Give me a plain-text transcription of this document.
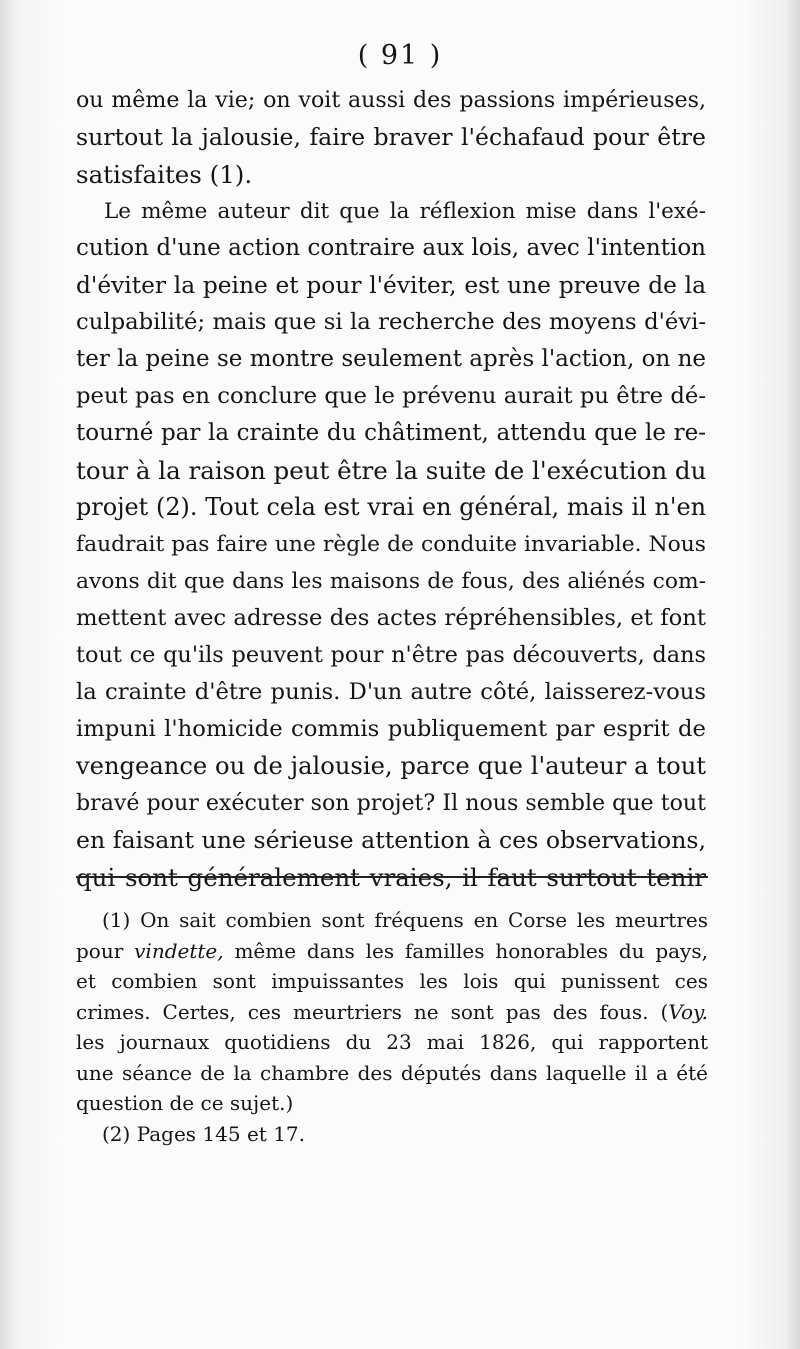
( 91 )
ou même la vie; on voit aussi des passions impérieuses,
surtout la jalousie, faire braver l'échafaud pour être
satisfaites (1).
Le même auteur dit que la réflexion mise dans l'exé-
cution d'une action contraire aux lois, avec l'intention
d'éviter la peine et pour l'éviter, est une preuve de la
culpabilité; mais que si la recherche des moyens d'évi-
ter la peine se montre seulement après l'action, on ne
peut pas en conclure que le prévenu aurait pu être dé-
tourné par la crainte du châtiment, attendu que le re-
tour à la raison peut être la suite de l'exécution du
projet (2). Tout cela est vrai en général, mais il n'en
faudrait pas faire une règle de conduite invariable. Nous
avons dit que dans les maisons de fous, des aliénés com-
mettent avec adresse des actes répréhensibles, et font
tout ce qu'ils peuvent pour n'être pas découverts, dans
la crainte d'être punis. D'un autre côté, laisserez-vous
impuni l'homicide commis publiquement par esprit de
vengeance ou de jalousie, parce que l'auteur a tout
bravé pour exécuter son projet? Il nous semble que tout
en faisant une sérieuse attention à ces observations,
qui sont généralement vraies, il faut surtout tenir
(1) On sait combien sont fréquens en Corse les meurtres
pour vindette, même dans les familles honorables du pays,
et combien sont impuissantes les lois qui punissent ces
crimes. Certes, ces meurtriers ne sont pas des fous. (Voy.
les journaux quotidiens du 23 mai 1826, qui rapportent
une séance de la chambre des députés dans laquelle il a été
question de ce sujet.)
(2) Pages 145 et 17.
